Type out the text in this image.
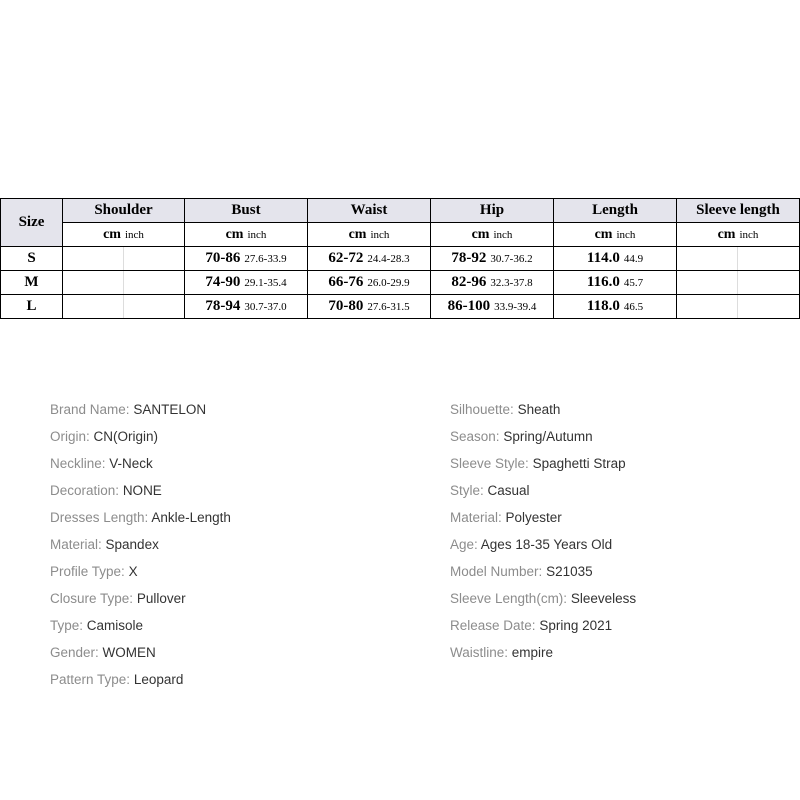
Size	Shoulder		Bust	Waist	Hip	Length	Sleeve length	
	cm inch		cm inch	cm inch	cm inch	cm inch	cm inch	
S			70-86 27.6-33.9	62-72 24.4-28.3	78-92 30.7-36.2	114.0 44.9		
M			74-90 29.1-35.4	66-76 26.0-29.9	82-96 32.3-37.8	116.0 45.7		
L			78-94 30.7-37.0	70-80 27.6-31.5	86-100 33.9-39.4	118.0 46.5		
Brand Name: SANTELON
Origin: CN(Origin)
Neckline: V-Neck
Decoration: NONE
Dresses Length: Ankle-Length
Material: Spandex
Profile Type: X
Closure Type: Pullover
Type: Camisole
Gender: WOMEN
Pattern Type: Leopard
Silhouette: Sheath
Season: Spring/Autumn
Sleeve Style: Spaghetti Strap
Style: Casual
Material: Polyester
Age: Ages 18-35 Years Old
Model Number: S21035
Sleeve Length(cm): Sleeveless
Release Date: Spring 2021
Waistline: empire
